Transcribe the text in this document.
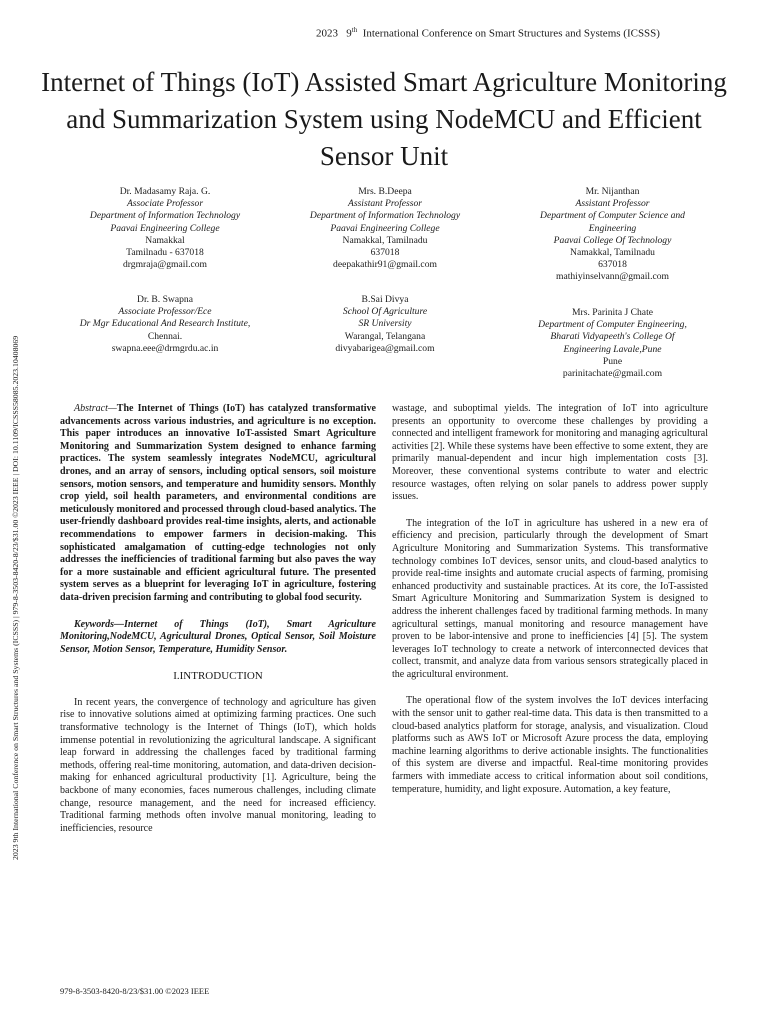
2023 9th International Conference on Smart Structures and Systems (ICSSS)
Internet of Things (IoT) Assisted Smart Agriculture Monitoring and Summarization System using NodeMCU and Efficient Sensor Unit
2023 9th International Conference on Smart Structures and Systems (ICSSS) | 979-8-3503-8420-8/23/$31.00 ©2023 IEEE | DOI: 10.1109/ICSSS58085.2023.10408069
Dr. Madasamy Raja. G.
Associate Professor
Department of Information Technology
Paavai Engineering College
Namakkal
Tamilnadu - 637018
drgmraja@gmail.com
Mrs. B.Deepa
Assistant Professor
Department of Information Technology
Paavai Engineering College
Namakkal, Tamilnadu
637018
deepakathir91@gmail.com
Mr. Nijanthan
Assistant Professor
Department of Computer Science and
Engineering
Paavai College Of Technology
Namakkal, Tamilnadu
637018
mathiyinselvann@gmail.com
Dr. B. Swapna
Associate Professor/Ece
Dr Mgr Educational And Research Institute,
Chennai.
swapna.eee@drmgrdu.ac.in
B.Sai Divya
School Of Agriculture
SR University
Warangal, Telangana
divyabarigea@gmail.com
Mrs. Parinita J Chate
Department of Computer Engineering,
Bharati Vidyapeeth's College Of
Engineering Lavale,Pune
Pune
parinitachate@gmail.com

Abstract—The Internet of Things (IoT) has catalyzed transformative advancements across various industries, and agriculture is no exception. This paper introduces an innovative IoT-assisted Smart Agriculture Monitoring and Summarization System designed to enhance farming practices. The system seamlessly integrates NodeMCU, agricultural drones, and an array of sensors, including optical sensors, soil moisture sensors, motion sensors, and temperature and humidity sensors. Monthly crop yield, soil health parameters, and environmental conditions are meticulously monitored and processed through cloud-based analytics. The user-friendly dashboard provides real-time insights, alerts, and actionable recommendations to empower farmers in decision-making. This sophisticated amalgamation of cutting-edge technologies not only addresses the inefficiencies of traditional farming but also paves the way for a more sustainable and efficient agricultural future. The presented system serves as a blueprint for leveraging IoT in agriculture, fostering data-driven precision farming and contributing to global food security.

Keywords—Internet of Things (IoT), Smart Agriculture Monitoring,NodeMCU, Agricultural Drones, Optical Sensor, Soil Moisture Sensor, Motion Sensor, Temperature, Humidity Sensor.

I.INTRODUCTION

In recent years, the convergence of technology and agriculture has given rise to innovative solutions aimed at optimizing farming practices. One such transformative technology is the Internet of Things (IoT), which holds immense potential in revolutionizing the agricultural landscape. A significant leap forward in addressing the challenges faced by traditional farming methods, offering real-time monitoring, automation, and data-driven decision-making for enhanced agricultural productivity [1]. Agriculture, being the backbone of many economies, faces numerous challenges, including climate change, resource management, and the need for increased efficiency. Traditional farming methods often involve manual monitoring, leading to inefficiencies, resource

wastage, and suboptimal yields. The integration of IoT into agriculture presents an opportunity to overcome these challenges by providing a connected and intelligent framework for monitoring and managing agricultural activities [2]. While these systems have been effective to some extent, they are primarily manual-dependent and incur high implementation costs [3]. Moreover, these conventional systems contribute to water and electric resource wastages, often relying on solar panels to address power supply issues.

The integration of the IoT in agriculture has ushered in a new era of efficiency and precision, particularly through the development of Smart Agriculture Monitoring and Summarization Systems. This transformative technology combines IoT devices, sensor units, and cloud-based analytics to provide real-time insights and automate crucial aspects of farming, promising enhanced productivity and sustainable practices. At its core, the IoT-assisted Smart Agriculture Monitoring and Summarization System is designed to address the inherent challenges faced by traditional farming methods. In many agricultural settings, manual monitoring and resource management have proven to be labor-intensive and prone to inefficiencies [4] [5]. The system leverages IoT technology to create a network of interconnected devices that collect, transmit, and analyze data from various sensors strategically placed in the agricultural environment.

The operational flow of the system involves the IoT devices interfacing with the sensor unit to gather real-time data. This data is then transmitted to a cloud-based analytics platform for storage, analysis, and visualization. Cloud platforms such as AWS IoT or Microsoft Azure process the data, employing machine learning algorithms to derive actionable insights. The functionalities of this system are diverse and impactful. Real-time monitoring provides farmers with immediate access to critical information about soil conditions, temperature, humidity, and light exposure. Automation, a key feature,

979-8-3503-8420-8/23/$31.00 ©2023 IEEE
